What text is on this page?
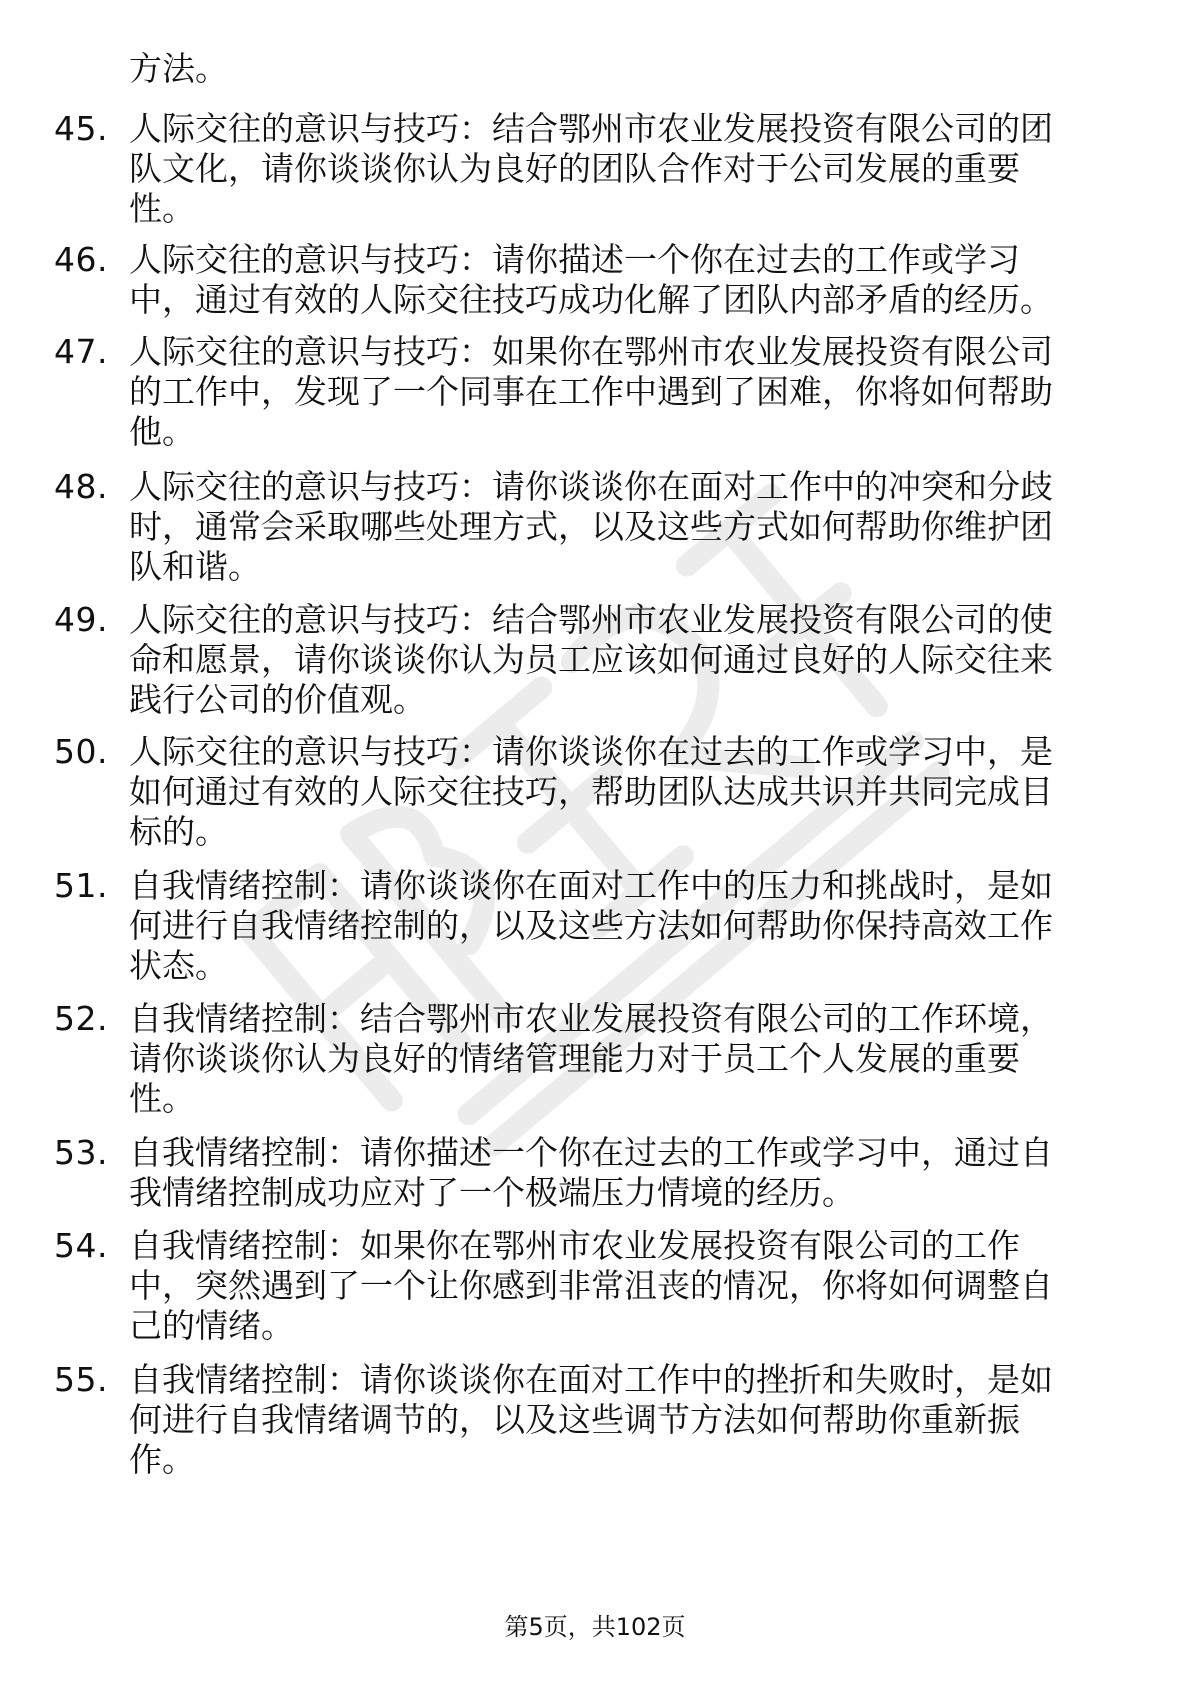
方法。

45. 人际交往的意识与技巧：结合鄂州市农业发展投资有限公司的团
队文化，请你谈谈你认为良好的团队合作对于公司发展的重要
性。
46. 人际交往的意识与技巧：请你描述一个你在过去的工作或学习
中，通过有效的人际交往技巧成功化解了团队内部矛盾的经历。
47. 人际交往的意识与技巧：如果你在鄂州市农业发展投资有限公司
的工作中，发现了一个同事在工作中遇到了困难，你将如何帮助
他。
48. 人际交往的意识与技巧：请你谈谈你在面对工作中的冲突和分歧
时，通常会采取哪些处理方式，以及这些方式如何帮助你维护团
队和谐。
49. 人际交往的意识与技巧：结合鄂州市农业发展投资有限公司的使
命和愿景，请你谈谈你认为员工应该如何通过良好的人际交往来
践行公司的价值观。
50. 人际交往的意识与技巧：请你谈谈你在过去的工作或学习中，是
如何通过有效的人际交往技巧，帮助团队达成共识并共同完成目
标的。
51. 自我情绪控制：请你谈谈你在面对工作中的压力和挑战时，是如
何进行自我情绪控制的，以及这些方法如何帮助你保持高效工作
状态。
52. 自我情绪控制：结合鄂州市农业发展投资有限公司的工作环境，
请你谈谈你认为良好的情绪管理能力对于员工个人发展的重要
性。
53. 自我情绪控制：请你描述一个你在过去的工作或学习中，通过自
我情绪控制成功应对了一个极端压力情境的经历。
54. 自我情绪控制：如果你在鄂州市农业发展投资有限公司的工作
中，突然遇到了一个让你感到非常沮丧的情况，你将如何调整自
己的情绪。
55. 自我情绪控制：请你谈谈你在面对工作中的挫折和失败时，是如
何进行自我情绪调节的，以及这些调节方法如何帮助你重新振
作。
第5页，共102页
